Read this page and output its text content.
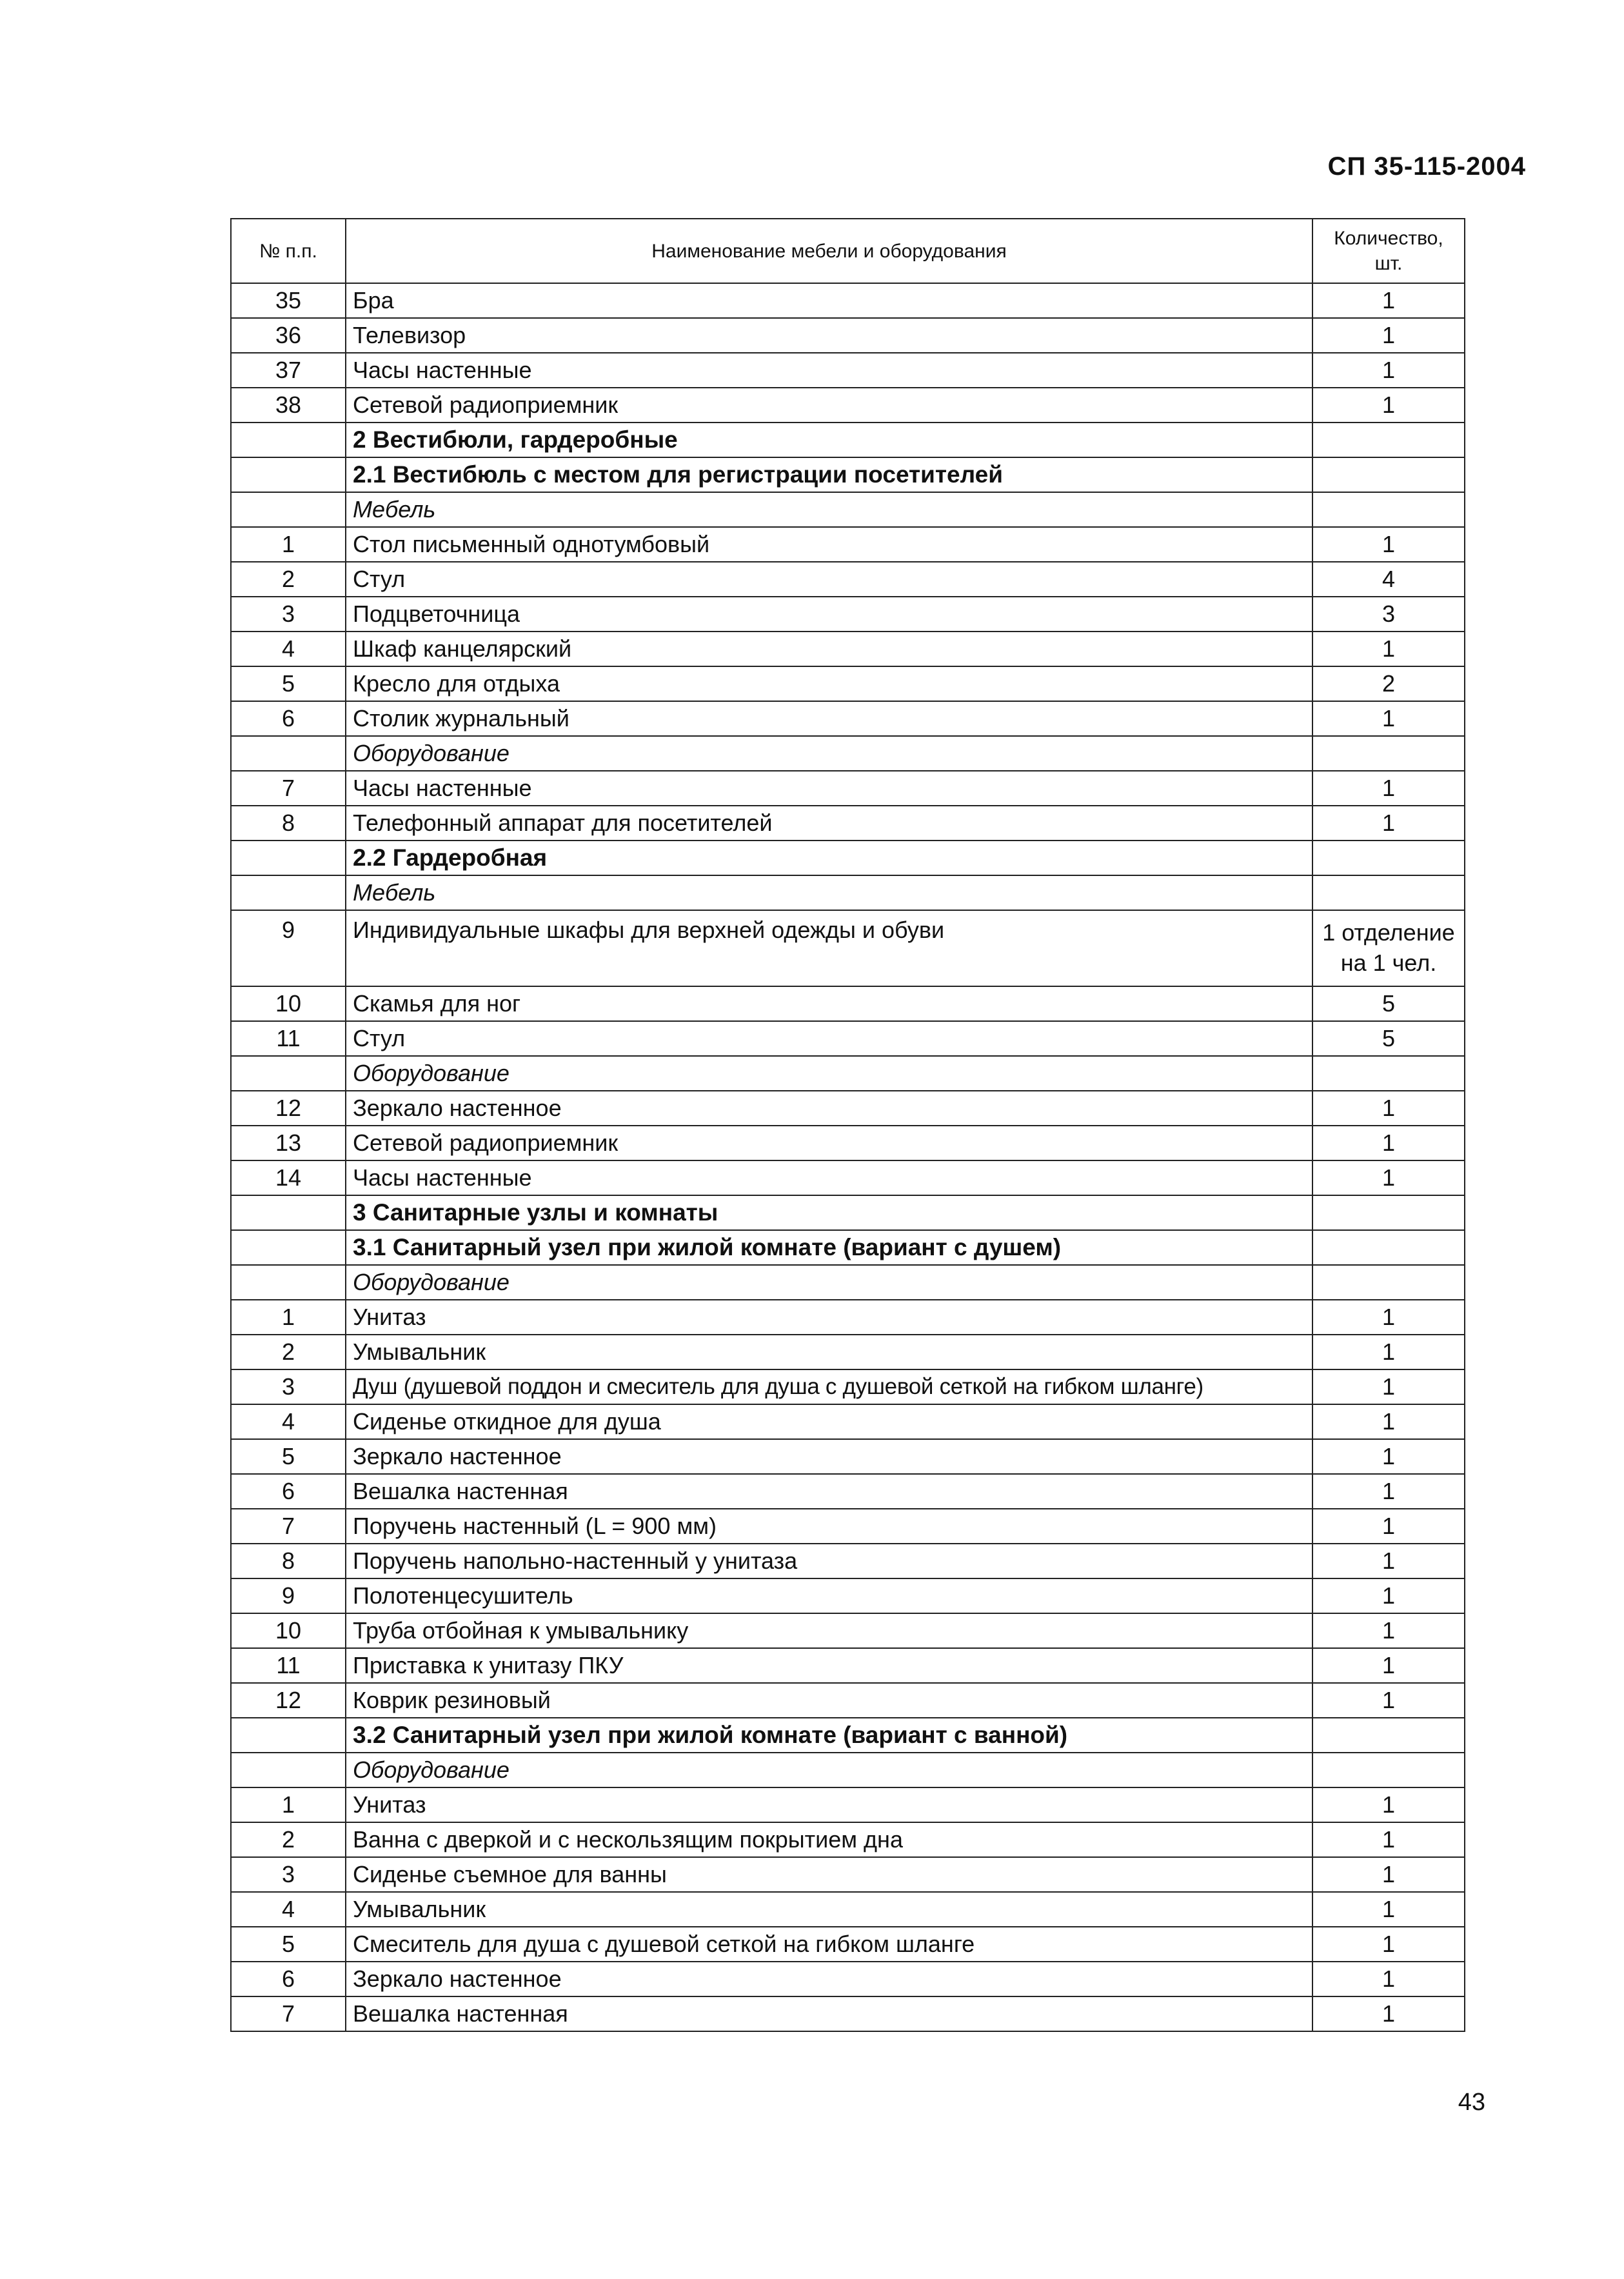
СП 35-115-2004
№ п.п.	Наименование мебели и оборудования	Количество, шт.
35	Бра	1
36	Телевизор	1
37	Часы настенные	1
38	Сетевой радиоприемник	1
	2 Вестибюли, гардеробные	
	2.1 Вестибюль с местом для регистрации посетителей	
	Мебель	
1	Стол письменный однотумбовый	1
2	Стул	4
3	Подцветочница	3
4	Шкаф канцелярский	1
5	Кресло для отдыха	2
6	Столик журнальный	1
	Оборудование	
7	Часы настенные	1
8	Телефонный аппарат для посетителей	1
	2.2 Гардеробная	
	Мебель	
9	Индивидуальные шкафы для верхней одежды и обуви	1 отделение на 1 чел.
10	Скамья для ног	5
11	Стул	5
	Оборудование	
12	Зеркало настенное	1
13	Сетевой радиоприемник	1
14	Часы настенные	1
	3 Санитарные узлы и комнаты	
	3.1 Санитарный узел при жилой комнате (вариант с душем)	
	Оборудование	
1	Унитаз	1
2	Умывальник	1
3	Душ (душевой поддон и смеситель для душа с душевой сеткой на гибком шланге)	1
4	Сиденье откидное для душа	1
5	Зеркало настенное	1
6	Вешалка настенная	1
7	Поручень настенный (L = 900 мм)	1
8	Поручень напольно-настенный у унитаза	1
9	Полотенцесушитель	1
10	Труба отбойная к умывальнику	1
11	Приставка к унитазу ПКУ	1
12	Коврик резиновый	1
	3.2 Санитарный узел при жилой комнате (вариант с ванной)	
	Оборудование	
1	Унитаз	1
2	Ванна с дверкой и с нескользящим покрытием дна	1
3	Сиденье съемное для ванны	1
4	Умывальник	1
5	Смеситель для душа с душевой сеткой на гибком шланге	1
6	Зеркало настенное	1
7	Вешалка настенная	1
43
